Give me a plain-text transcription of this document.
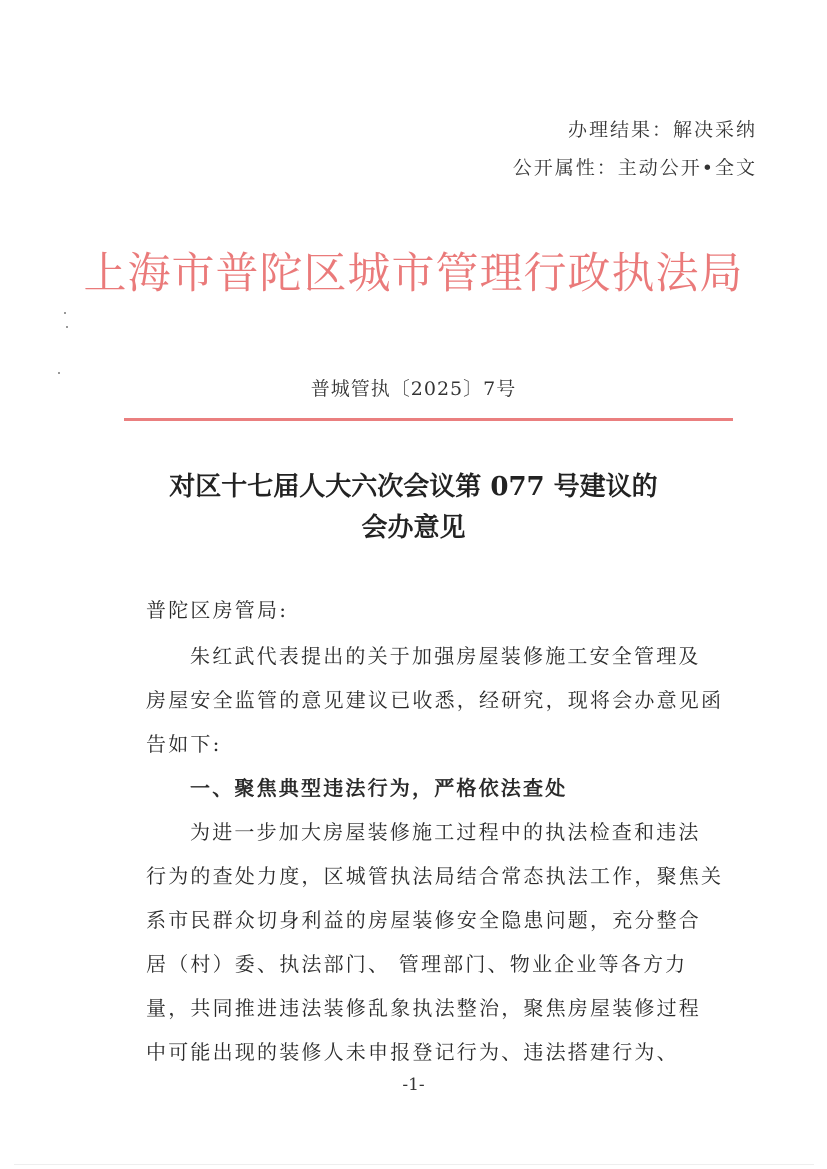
办理结果：解决采纳
公开属性：主动公开•全文
上海市普陀区城市管理行政执法局
普城管执〔2025〕7号
对区十七届人大六次会议第 077 号建议的
会办意见
普陀区房管局:
朱红武代表提出的关于加强房屋装修施工安全管理及
房屋安全监管的意见建议已收悉，经研究，现将会办意见函
告如下:
一、聚焦典型违法行为，严格依法查处
为进一步加大房屋装修施工过程中的执法检查和违法
行为的查处力度，区城管执法局结合常态执法工作，聚焦关
系市民群众切身利益的房屋装修安全隐患问题，充分整合
居（村）委、执法部门、 管理部门、物业企业等各方力
量，共同推进违法装修乱象执法整治，聚焦房屋装修过程
中可能出现的装修人未申报登记行为、违法搭建行为、
-1-
